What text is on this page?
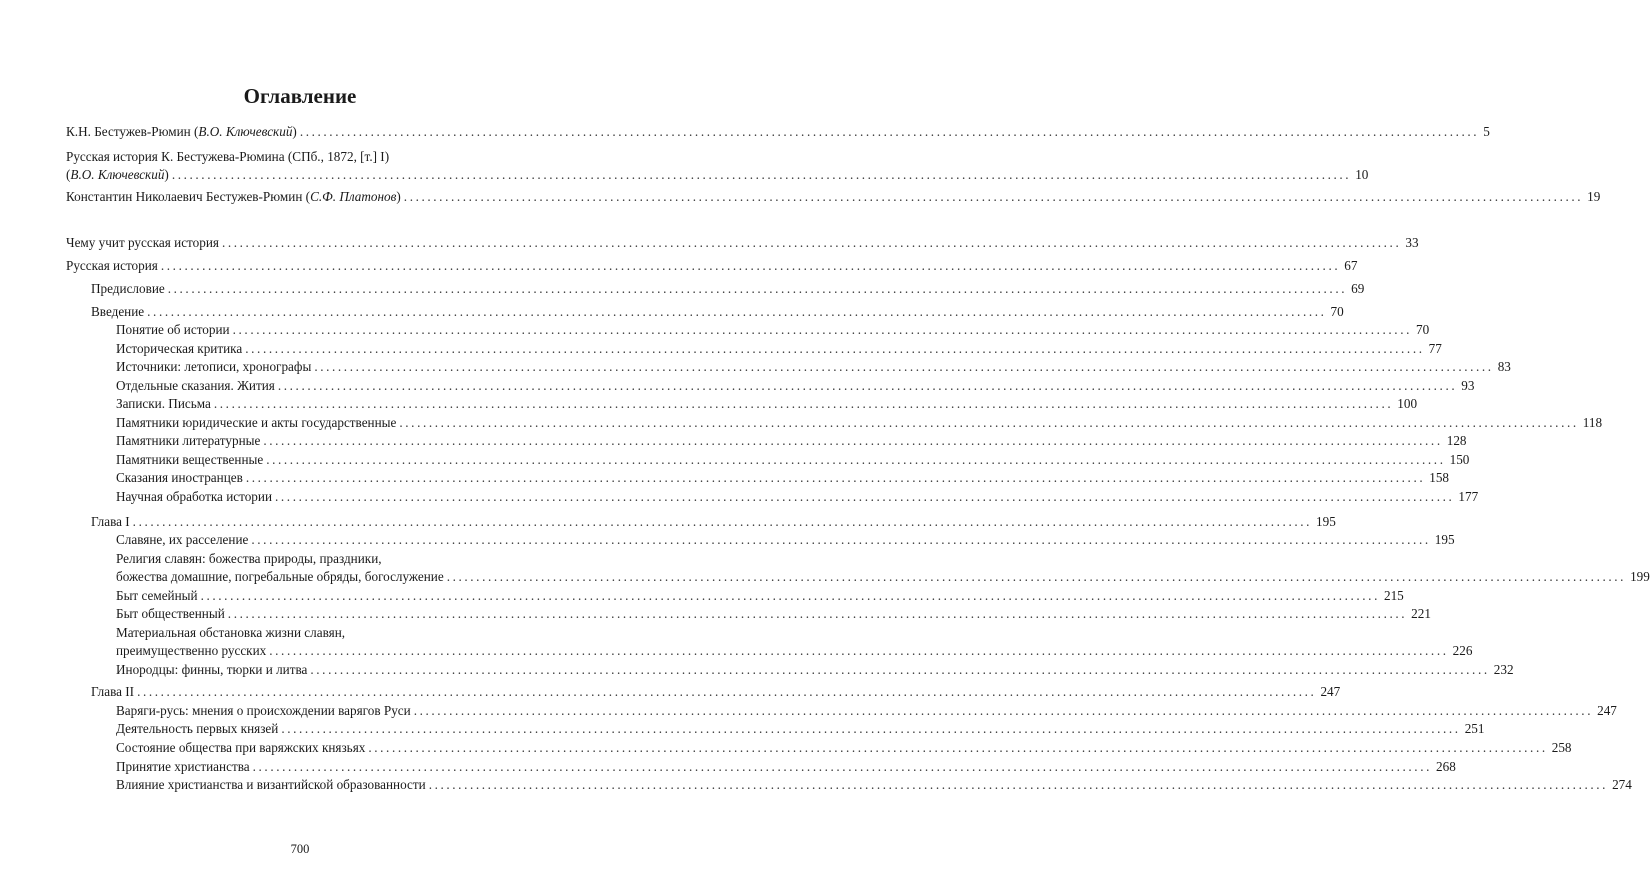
Оглавление
К.Н. Бестужев-Рюмин (В.О. Ключевский) ........................................................................................................................................................................................................ 5
Русская история К. Бестужева-Рюмина (СПб., 1872, [т.] I)
(В.О. Ключевский) ........................................................................................................................................................................................................ 10
Константин Николаевич Бестужев-Рюмин (С.Ф. Платонов) ........................................................................................................................................................................................................ 19
Чему учит русская история ........................................................................................................................................................................................................ 33
Русская история ........................................................................................................................................................................................................ 67
Предисловие ........................................................................................................................................................................................................ 69
Введение ........................................................................................................................................................................................................ 70
Понятие об истории ........................................................................................................................................................................................................ 70
Историческая критика ........................................................................................................................................................................................................ 77
Источники: летописи, хронографы ........................................................................................................................................................................................................ 83
Отдельные сказания. Жития ........................................................................................................................................................................................................ 93
Записки. Письма ........................................................................................................................................................................................................ 100
Памятники юридические и акты государственные ........................................................................................................................................................................................................ 118
Памятники литературные ........................................................................................................................................................................................................ 128
Памятники вещественные ........................................................................................................................................................................................................ 150
Сказания иностранцев ........................................................................................................................................................................................................ 158
Научная обработка истории ........................................................................................................................................................................................................ 177
Глава I ........................................................................................................................................................................................................ 195
Славяне, их расселение ........................................................................................................................................................................................................ 195
Религия славян: божества природы, праздники,
божества домашние, погребальные обряды, богослужение ........................................................................................................................................................................................................ 199
Быт семейный ........................................................................................................................................................................................................ 215
Быт общественный ........................................................................................................................................................................................................ 221
Материальная обстановка жизни славян,
преимущественно русских ........................................................................................................................................................................................................ 226
Инородцы: финны, тюрки и литва ........................................................................................................................................................................................................ 232
Глава II ........................................................................................................................................................................................................ 247
Варяги-русь: мнения о происхождении варягов Руси ........................................................................................................................................................................................................ 247
Деятельность первых князей ........................................................................................................................................................................................................ 251
Состояние общества при варяжских князьях ........................................................................................................................................................................................................ 258
Принятие христианства ........................................................................................................................................................................................................ 268
Влияние христианства и византийской образованности ........................................................................................................................................................................................................ 274
700
